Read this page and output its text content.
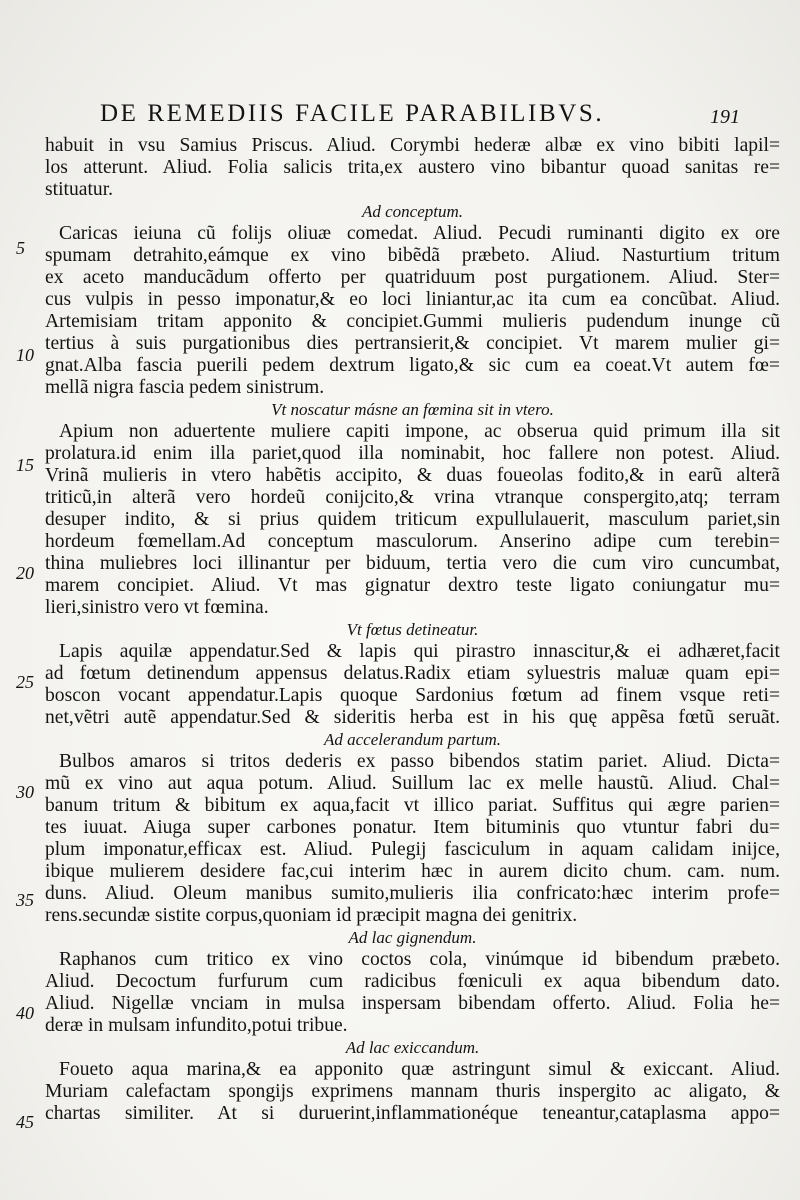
DE REMEDIIS FACILE PARABILIBVS.	191
5
10
15
20
25
30
35
40
45
habuit in vsu Samius Priscus. Aliud. Corymbi hederæ albæ ex vino bibiti lapil=
los atterunt. Aliud. Folia salicis trita,ex austero vino bibantur quoad sanitas re=
stituatur.
Ad conceptum.
Caricas ieiuna cũ folijs oliuæ comedat. Aliud. Pecudi ruminanti digito ex ore
spumam detrahito,eámque ex vino bibẽdã præbeto. Aliud. Nasturtium tritum
ex aceto manducãdum offerto per quatriduum post purgationem. Aliud. Ster=
cus vulpis in pesso imponatur,& eo loci liniantur,ac ita cum ea concũbat. Aliud.
Artemisiam tritam apponito & concipiet.Gummi mulieris pudendum inunge cũ
tertius à suis purgationibus dies pertransierit,& concipiet. Vt marem mulier gi=
gnat.Alba fascia puerili pedem dextrum ligato,& sic cum ea coeat.Vt autem fœ=
mellã nigra fascia pedem sinistrum.
Vt noscatur másne an fœmina sit in vtero.
Apium non aduertente muliere capiti impone, ac obserua quid primum illa sit
prolatura.id enim illa pariet,quod illa nominabit, hoc fallere non potest. Aliud.
Vrinã mulieris in vtero habẽtis accipito, & duas foueolas fodito,& in earũ alterã
triticũ,in alterã vero hordeũ conijcito,& vrina vtranque conspergito,atq; terram
desuper indito, & si prius quidem triticum expullulauerit, masculum pariet,sin
hordeum fœmellam.Ad conceptum masculorum. Anserino adipe cum terebin=
thina muliebres loci illinantur per biduum, tertia vero die cum viro cuncumbat,
marem concipiet. Aliud. Vt mas gignatur dextro teste ligato coniungatur mu=
lieri,sinistro vero vt fœmina.
Vt fœtus detineatur.
Lapis aquilæ appendatur.Sed & lapis qui pirastro innascitur,& ei adhæret,facit
ad fœtum detinendum appensus delatus.Radix etiam syluestris maluæ quam epi=
boscon vocant appendatur.Lapis quoque Sardonius fœtum ad finem vsque reti=
net,vẽtri autẽ appendatur.Sed & sideritis herba est in his quę appẽsa fœtũ seruãt.
Ad accelerandum partum.
Bulbos amaros si tritos dederis ex passo bibendos statim pariet. Aliud. Dicta=
mũ ex vino aut aqua potum. Aliud. Suillum lac ex melle haustũ. Aliud. Chal=
banum tritum & bibitum ex aqua,facit vt illico pariat. Suffitus qui ægre parien=
tes iuuat. Aiuga super carbones ponatur. Item bituminis quo vtuntur fabri du=
plum imponatur,efficax est. Aliud. Pulegij fasciculum in aquam calidam inijce,
ibique mulierem desidere fac,cui interim hæc in aurem dicito chum. cam. num.
duns. Aliud. Oleum manibus sumito,mulieris ilia confricato:hæc interim profe=
rens.secundæ sistite corpus,quoniam id præcipit magna dei genitrix.
Ad lac gignendum.
Raphanos cum tritico ex vino coctos cola, vinúmque id bibendum præbeto.
Aliud. Decoctum furfurum cum radicibus fœniculi ex aqua bibendum dato.
Aliud. Nigellæ vnciam in mulsa inspersam bibendam offerto. Aliud. Folia he=
deræ in mulsam infundito,potui tribue.
Ad lac exiccandum.
Foueto aqua marina,& ea apponito quæ astringunt simul & exiccant. Aliud.
Muriam calefactam spongijs exprimens mannam thuris inspergito ac aligato, &
chartas similiter. At si duruerint,inflammationéque teneantur,cataplasma appo=
